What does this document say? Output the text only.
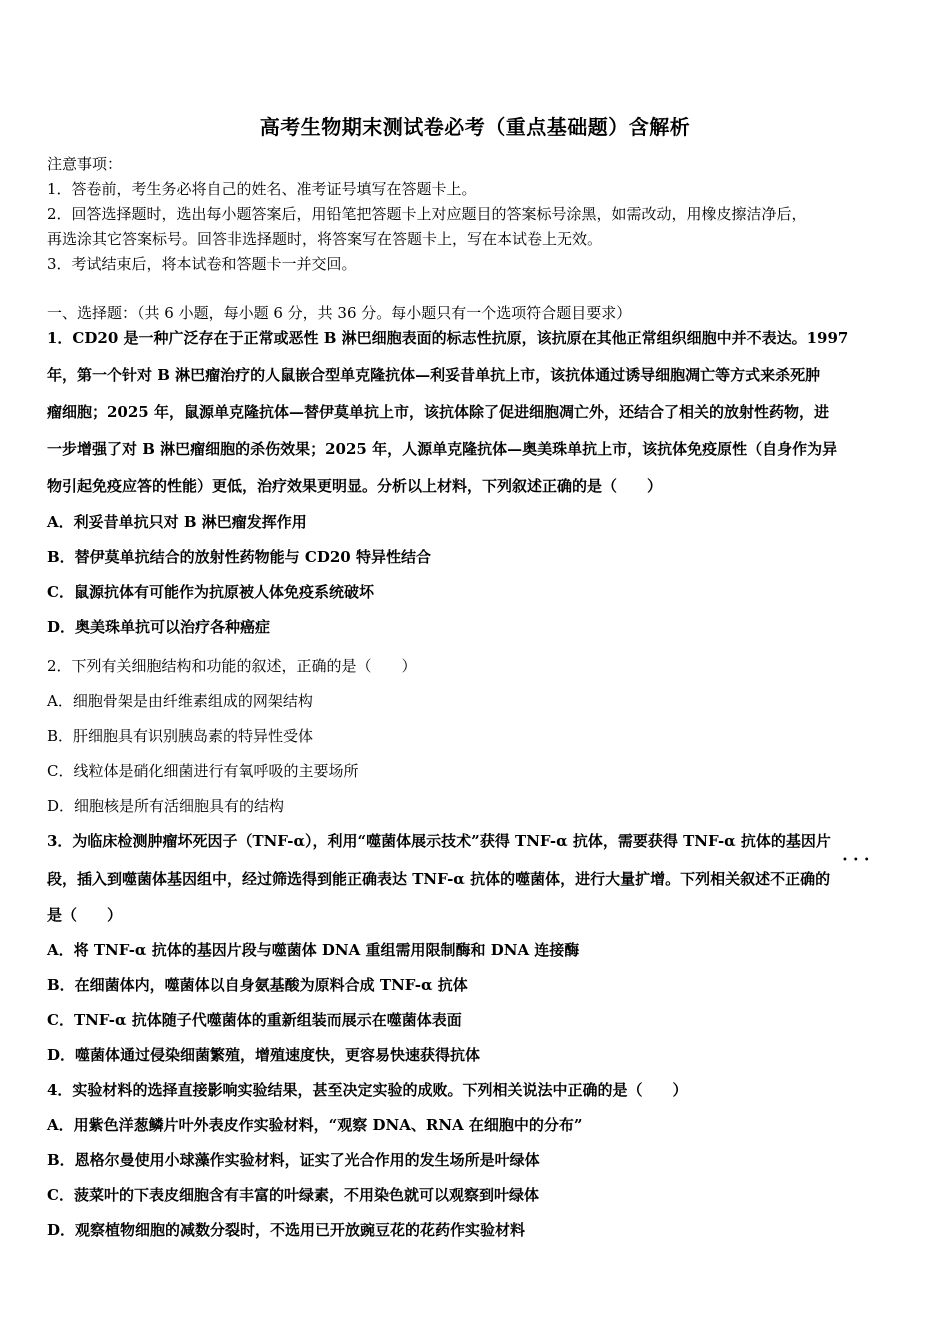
高考生物期末测试卷必考（重点基础题）含解析
注意事项：
1．答卷前，考生务必将自己的姓名、准考证号填写在答题卡上。
2．回答选择题时，选出每小题答案后，用铅笔把答题卡上对应题目的答案标号涂黑，如需改动，用橡皮擦洁净后，
再选涂其它答案标号。回答非选择题时，将答案写在答题卡上，写在本试卷上无效。
3．考试结束后，将本试卷和答题卡一并交回。
一、选择题：（共 6 小题，每小题 6 分，共 36 分。每小题只有一个选项符合题目要求）
1．CD20 是一种广泛存在于正常或恶性 B 淋巴细胞表面的标志性抗原，该抗原在其他正常组织细胞中并不表达。1997
年，第一个针对 B 淋巴瘤治疗的人鼠嵌合型单克隆抗体—利妥昔单抗上市，该抗体通过诱导细胞凋亡等方式来杀死肿
瘤细胞；2025 年，鼠源单克隆抗体—替伊莫单抗上市，该抗体除了促进细胞凋亡外，还结合了相关的放射性药物，进
一步增强了对 B 淋巴瘤细胞的杀伤效果；2025 年，人源单克隆抗体—奥美珠单抗上市，该抗体免疫原性（自身作为异
物引起免疫应答的性能）更低，治疗效果更明显。分析以上材料，下列叙述正确的是（　　）
A．利妥昔单抗只对 B 淋巴瘤发挥作用
B．替伊莫单抗结合的放射性药物能与 CD20 特异性结合
C．鼠源抗体有可能作为抗原被人体免疫系统破坏
D．奥美珠单抗可以治疗各种癌症
2．下列有关细胞结构和功能的叙述，正确的是（　　）
A．细胞骨架是由纤维素组成的网架结构
B．肝细胞具有识别胰岛素的特异性受体
C．线粒体是硝化细菌进行有氧呼吸的主要场所
D．细胞核是所有活细胞具有的结构
3．为临床检测肿瘤坏死因子（TNF-α），利用“噬菌体展示技术”获得 TNF-α 抗体，需要获得 TNF-α 抗体的基因片
•••
段，插入到噬菌体基因组中，经过筛选得到能正确表达 TNF-α 抗体的噬菌体，进行大量扩增。下列相关叙述不正确的
是（　　）
A．将 TNF-α 抗体的基因片段与噬菌体 DNA 重组需用限制酶和 DNA 连接酶
B．在细菌体内，噬菌体以自身氨基酸为原料合成 TNF-α 抗体
C．TNF-α 抗体随子代噬菌体的重新组装而展示在噬菌体表面
D．噬菌体通过侵染细菌繁殖，增殖速度快，更容易快速获得抗体
4．实验材料的选择直接影响实验结果，甚至决定实验的成败。下列相关说法中正确的是（　　）
A．用紫色洋葱鳞片叶外表皮作实验材料，“观察 DNA、RNA 在细胞中的分布”
B．恩格尔曼使用小球藻作实验材料，证实了光合作用的发生场所是叶绿体
C．菠菜叶的下表皮细胞含有丰富的叶绿素，不用染色就可以观察到叶绿体
D．观察植物细胞的减数分裂时，不选用已开放豌豆花的花药作实验材料
